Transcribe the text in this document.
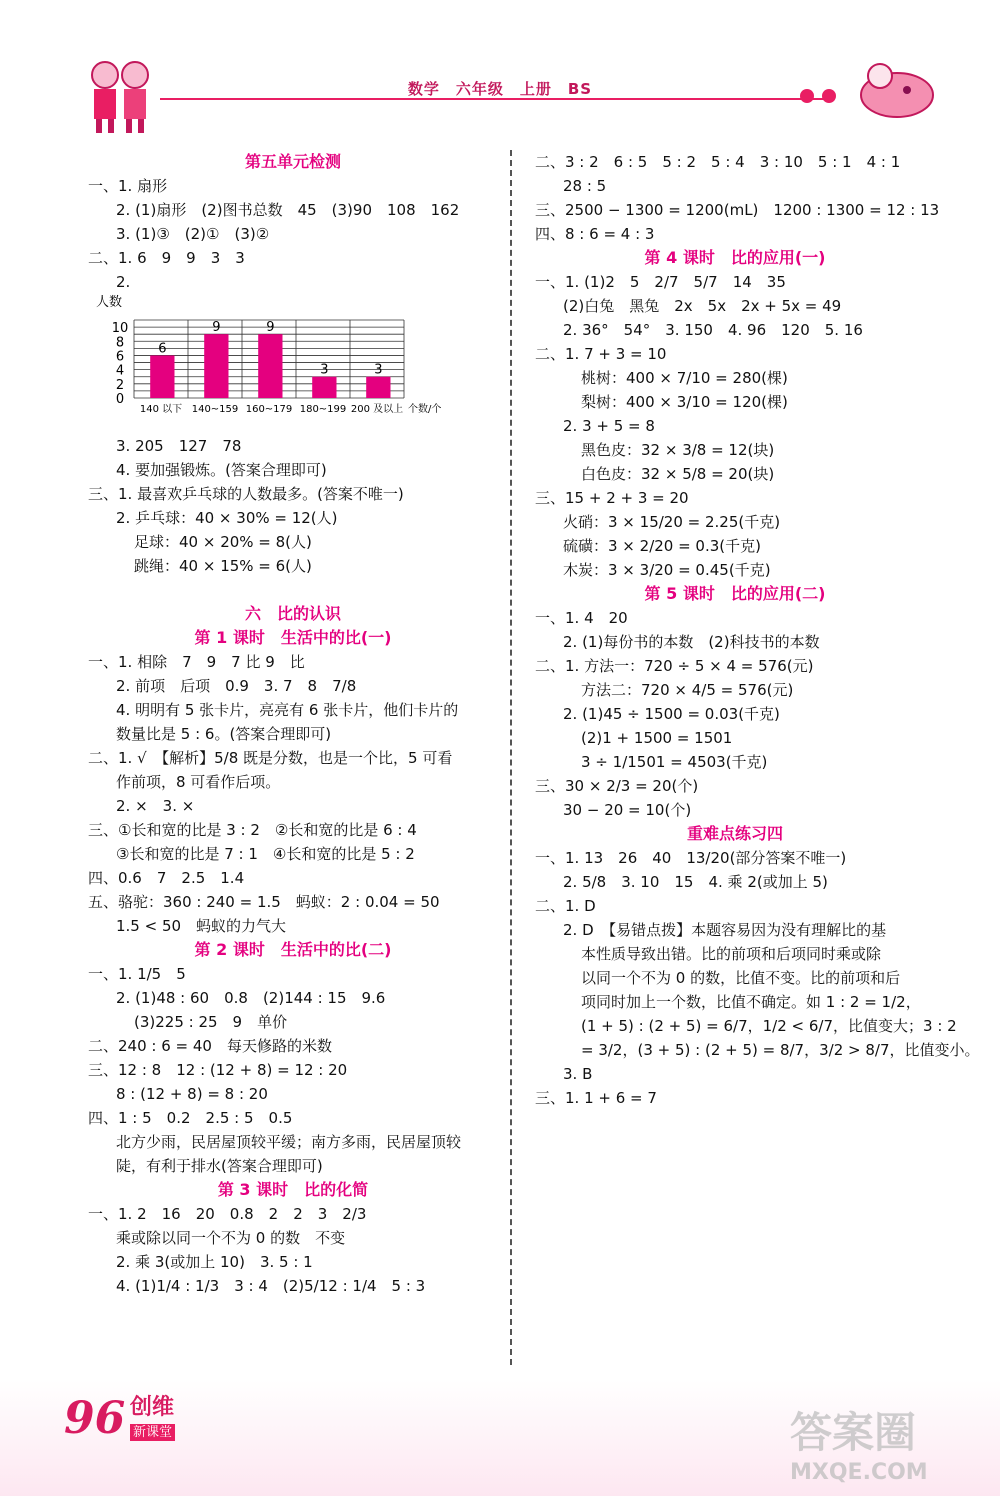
数学　六年级　上册　BS
第五单元检测
一、1. 扇形
2. (1)扇形　(2)图书总数　45　(3)90　108　162
3. (1)③　(2)①　(3)②
二、1. 6　9　9　3　3
2.
人数
0
2
4
6
8
10
6
140 以下
9
140~159
9
160~179
3
180~199
3
200 及以上 个数/个
3. 205　127　78
4. 要加强锻炼。(答案合理即可)
三、1. 最喜欢乒乓球的人数最多。(答案不唯一)
2. 乒乓球：40 × 30% = 12(人)
足球：40 × 20% = 8(人)
跳绳：40 × 15% = 6(人)
六　比的认识
第 1 课时　生活中的比(一)
一、1. 相除　7　9　7 比 9　比
2. 前项　后项　0.9　3. 7　8　7/8
4. 明明有 5 张卡片，亮亮有 6 张卡片，他们卡片的
数量比是 5 : 6。(答案合理即可)
二、1. √　【解析】5/8 既是分数，也是一个比，5 可看
作前项，8 可看作后项。
2. ×　3. ×
三、①长和宽的比是 3 : 2　②长和宽的比是 6 : 4
③长和宽的比是 7 : 1　④长和宽的比是 5 : 2
四、0.6　7　2.5　1.4
五、骆驼：360 : 240 = 1.5　蚂蚁：2 : 0.04 = 50
1.5 < 50　蚂蚁的力气大
第 2 课时　生活中的比(二)
一、1. 1/5　5
2. (1)48 : 60　0.8　(2)144 : 15　9.6
(3)225 : 25　9　单价
二、240 : 6 = 40　每天修路的米数
三、12 : 8　12 : (12 + 8) = 12 : 20
8 : (12 + 8) = 8 : 20
四、1 : 5　0.2　2.5 : 5　0.5
北方少雨，民居屋顶较平缓；南方多雨，民居屋顶较
陡，有利于排水(答案合理即可)
第 3 课时　比的化简
一、1. 2　16　20　0.8　2　2　3　2/3
乘或除以同一个不为 0 的数　不变
2. 乘 3(或加上 10)　3. 5 : 1
4. (1)1/4 : 1/3　3 : 4　(2)5/12 : 1/4　5 : 3
二、3 : 2　6 : 5　5 : 2　5 : 4　3 : 10　5 : 1　4 : 1
28 : 5
三、2500 − 1300 = 1200(mL)　1200 : 1300 = 12 : 13
四、8 : 6 = 4 : 3
第 4 课时　比的应用(一)
一、1. (1)2　5　2/7　5/7　14　35
(2)白兔　黑兔　2x　5x　2x + 5x = 49
2. 36°　54°　3. 150　4. 96　120　5. 16
二、1. 7 + 3 = 10
桃树：400 × 7/10 = 280(棵)
梨树：400 × 3/10 = 120(棵)
2. 3 + 5 = 8
黑色皮：32 × 3/8 = 12(块)
白色皮：32 × 5/8 = 20(块)
三、15 + 2 + 3 = 20
火硝：3 × 15/20 = 2.25(千克)
硫磺：3 × 2/20 = 0.3(千克)
木炭：3 × 3/20 = 0.45(千克)
第 5 课时　比的应用(二)
一、1. 4　20
2. (1)每份书的本数　(2)科技书的本数
二、1. 方法一：720 ÷ 5 × 4 = 576(元)
方法二：720 × 4/5 = 576(元)
2. (1)45 ÷ 1500 = 0.03(千克)
(2)1 + 1500 = 1501
3 ÷ 1/1501 = 4503(千克)
三、30 × 2/3 = 20(个)
30 − 20 = 10(个)
重难点练习四
一、1. 13　26　40　13/20(部分答案不唯一)
2. 5/8　3. 10　15　4. 乘 2(或加上 5)
二、1. D
2. D　【易错点拨】本题容易因为没有理解比的基
本性质导致出错。比的前项和后项同时乘或除
以同一个不为 0 的数，比值不变。比的前项和后
项同时加上一个数，比值不确定。如 1 : 2 = 1/2，
(1 + 5) : (2 + 5) = 6/7，1/2 < 6/7，比值变大；3 : 2
= 3/2，(3 + 5) : (2 + 5) = 8/7，3/2 > 8/7，比值变小。
3. B
三、1. 1 + 6 = 7
96 创维
新课堂	答案圈
MXQE.COM
